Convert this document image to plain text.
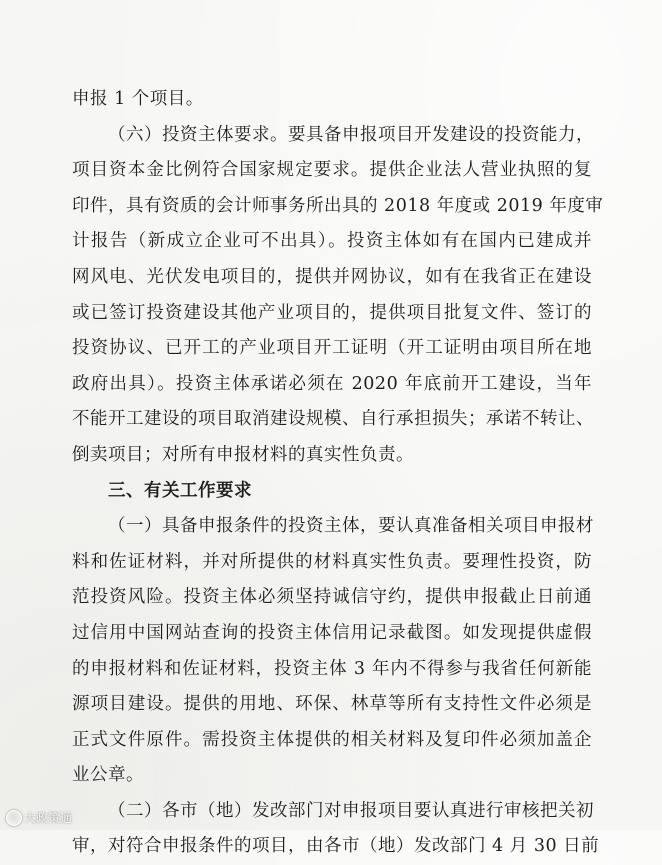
申报 1 个项目。
（六）投资主体要求。要具备申报项目开发建设的投资能力，
项目资本金比例符合国家规定要求。提供企业法人营业执照的复
印件，具有资质的会计师事务所出具的 2018 年度或 2019 年度审
计报告（新成立企业可不出具）。投资主体如有在国内已建成并
网风电、光伏发电项目的，提供并网协议，如有在我省正在建设
或已签订投资建设其他产业项目的，提供项目批复文件、签订的
投资协议、已开工的产业项目开工证明（开工证明由项目所在地
政府出具）。投资主体承诺必须在 2020 年底前开工建设，当年
不能开工建设的项目取消建设规模、自行承担损失；承诺不转让、
倒卖项目；对所有申报材料的真实性负责。
三、有关工作要求
（一）具备申报条件的投资主体，要认真准备相关项目申报材
料和佐证材料，并对所提供的材料真实性负责。要理性投资，防
范投资风险。投资主体必须坚持诚信守约，提供申报截止日前通
过信用中国网站查询的投资主体信用记录截图。如发现提供虚假
的申报材料和佐证材料，投资主体 3 年内不得参与我省任何新能
源项目建设。提供的用地、环保、林草等所有支持性文件必须是
正式文件原件。需投资主体提供的相关材料及复印件必须加盖企
业公章。
（二）各市（地）发改部门对申报项目要认真进行审核把关初
审，对符合申报条件的项目，由各市（地）发改部门 4 月 30 日前
ⓒ 大政策通
